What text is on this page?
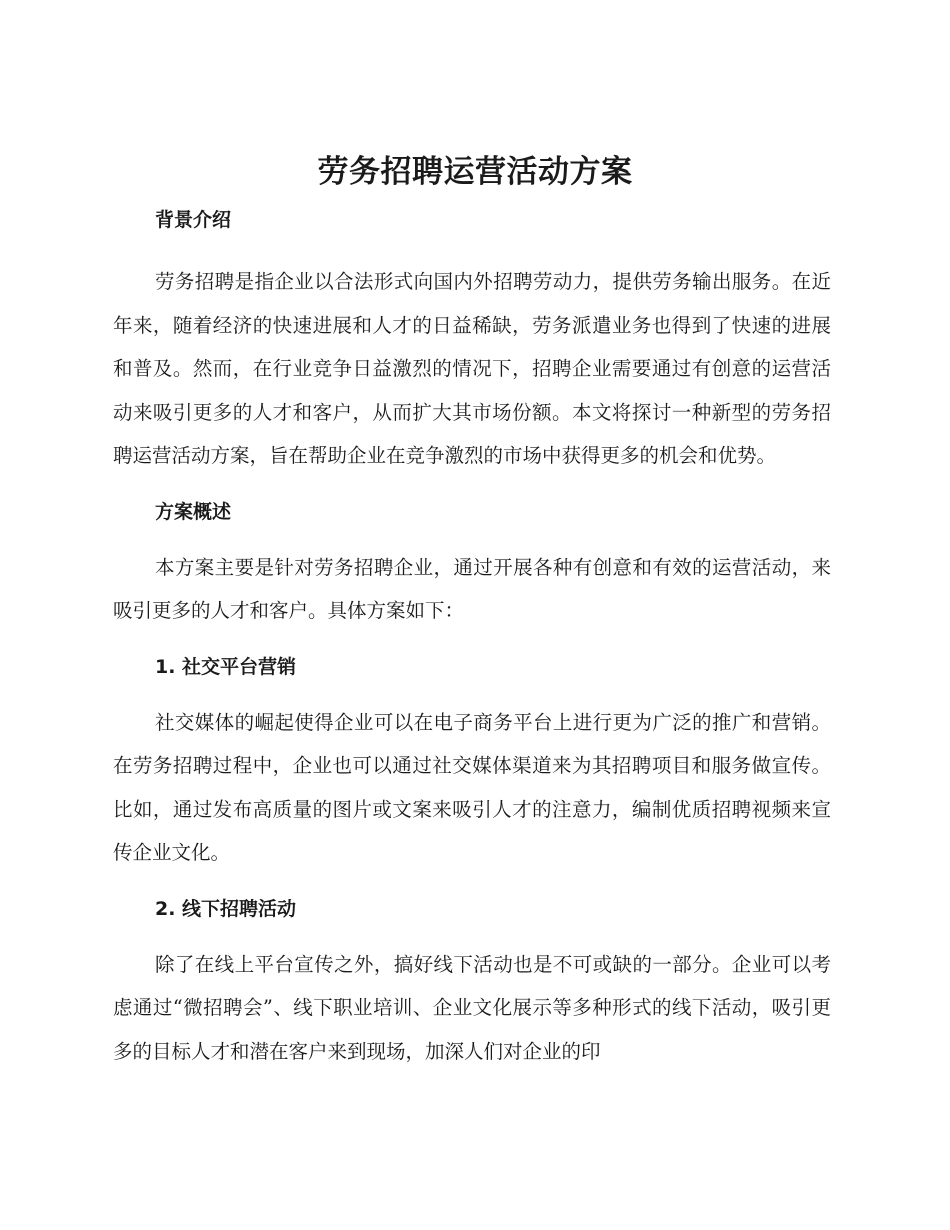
劳务招聘运营活动方案
背景介绍

劳务招聘是指企业以合法形式向国内外招聘劳动力，提供劳务输出服务。在近年来，随着经济的快速进展和人才的日益稀缺，劳务派遣业务也得到了快速的进展和普及。然而，在行业竞争日益激烈的情况下，招聘企业需要通过有创意的运营活动来吸引更多的人才和客户，从而扩大其市场份额。本文将探讨一种新型的劳务招聘运营活动方案，旨在帮助企业在竞争激烈的市场中获得更多的机会和优势。

方案概述

本方案主要是针对劳务招聘企业，通过开展各种有创意和有效的运营活动，来吸引更多的人才和客户。具体方案如下：

1. 社交平台营销

社交媒体的崛起使得企业可以在电子商务平台上进行更为广泛的推广和营销。在劳务招聘过程中，企业也可以通过社交媒体渠道来为其招聘项目和服务做宣传。比如，通过发布高质量的图片或文案来吸引人才的注意力，编制优质招聘视频来宣传企业文化。

2. 线下招聘活动

除了在线上平台宣传之外，搞好线下活动也是不可或缺的一部分。企业可以考虑通过“微招聘会”、线下职业培训、企业文化展示等多种形式的线下活动，吸引更多的目标人才和潜在客户来到现场，加深人们对企业的印
